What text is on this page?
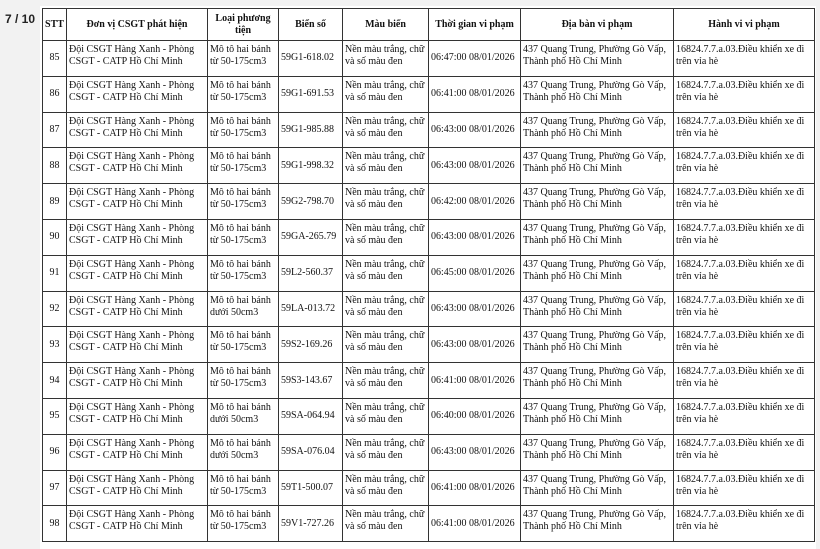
7 / 10	STT	Đơn vị CSGT phát hiện	Loại phương tiện	Biển số	Màu biển	Thời gian vi phạm	Địa bàn vi phạm	Hành vi vi phạm
85	Đội CSGT Hàng Xanh - Phòng CSGT - CATP Hồ Chí Minh	Mô tô hai bánh từ 50-175cm3	59G1-618.02	Nền màu trắng, chữ và số màu đen	06:47:00 08/01/2026	437 Quang Trung, Phường Gò Vấp, Thành phố Hồ Chí Minh	16824.7.7.a.03.Điều khiển xe đi trên vỉa hè
86	Đội CSGT Hàng Xanh - Phòng CSGT - CATP Hồ Chí Minh	Mô tô hai bánh từ 50-175cm3	59G1-691.53	Nền màu trắng, chữ và số màu đen	06:41:00 08/01/2026	437 Quang Trung, Phường Gò Vấp, Thành phố Hồ Chí Minh	16824.7.7.a.03.Điều khiển xe đi trên vỉa hè
87	Đội CSGT Hàng Xanh - Phòng CSGT - CATP Hồ Chí Minh	Mô tô hai bánh từ 50-175cm3	59G1-985.88	Nền màu trắng, chữ và số màu đen	06:43:00 08/01/2026	437 Quang Trung, Phường Gò Vấp, Thành phố Hồ Chí Minh	16824.7.7.a.03.Điều khiển xe đi trên vỉa hè
88	Đội CSGT Hàng Xanh - Phòng CSGT - CATP Hồ Chí Minh	Mô tô hai bánh từ 50-175cm3	59G1-998.32	Nền màu trắng, chữ và số màu đen	06:43:00 08/01/2026	437 Quang Trung, Phường Gò Vấp, Thành phố Hồ Chí Minh	16824.7.7.a.03.Điều khiển xe đi trên vỉa hè
89	Đội CSGT Hàng Xanh - Phòng CSGT - CATP Hồ Chí Minh	Mô tô hai bánh từ 50-175cm3	59G2-798.70	Nền màu trắng, chữ và số màu đen	06:42:00 08/01/2026	437 Quang Trung, Phường Gò Vấp, Thành phố Hồ Chí Minh	16824.7.7.a.03.Điều khiển xe đi trên vỉa hè
90	Đội CSGT Hàng Xanh - Phòng CSGT - CATP Hồ Chí Minh	Mô tô hai bánh từ 50-175cm3	59GA-265.79	Nền màu trắng, chữ và số màu đen	06:43:00 08/01/2026	437 Quang Trung, Phường Gò Vấp, Thành phố Hồ Chí Minh	16824.7.7.a.03.Điều khiển xe đi trên vỉa hè
91	Đội CSGT Hàng Xanh - Phòng CSGT - CATP Hồ Chí Minh	Mô tô hai bánh từ 50-175cm3	59L2-560.37	Nền màu trắng, chữ và số màu đen	06:45:00 08/01/2026	437 Quang Trung, Phường Gò Vấp, Thành phố Hồ Chí Minh	16824.7.7.a.03.Điều khiển xe đi trên vỉa hè
92	Đội CSGT Hàng Xanh - Phòng CSGT - CATP Hồ Chí Minh	Mô tô hai bánh dưới 50cm3	59LA-013.72	Nền màu trắng, chữ và số màu đen	06:43:00 08/01/2026	437 Quang Trung, Phường Gò Vấp, Thành phố Hồ Chí Minh	16824.7.7.a.03.Điều khiển xe đi trên vỉa hè
93	Đội CSGT Hàng Xanh - Phòng CSGT - CATP Hồ Chí Minh	Mô tô hai bánh từ 50-175cm3	59S2-169.26	Nền màu trắng, chữ và số màu đen	06:43:00 08/01/2026	437 Quang Trung, Phường Gò Vấp, Thành phố Hồ Chí Minh	16824.7.7.a.03.Điều khiển xe đi trên vỉa hè
94	Đội CSGT Hàng Xanh - Phòng CSGT - CATP Hồ Chí Minh	Mô tô hai bánh từ 50-175cm3	59S3-143.67	Nền màu trắng, chữ và số màu đen	06:41:00 08/01/2026	437 Quang Trung, Phường Gò Vấp, Thành phố Hồ Chí Minh	16824.7.7.a.03.Điều khiển xe đi trên vỉa hè
95	Đội CSGT Hàng Xanh - Phòng CSGT - CATP Hồ Chí Minh	Mô tô hai bánh dưới 50cm3	59SA-064.94	Nền màu trắng, chữ và số màu đen	06:40:00 08/01/2026	437 Quang Trung, Phường Gò Vấp, Thành phố Hồ Chí Minh	16824.7.7.a.03.Điều khiển xe đi trên vỉa hè
96	Đội CSGT Hàng Xanh - Phòng CSGT - CATP Hồ Chí Minh	Mô tô hai bánh dưới 50cm3	59SA-076.04	Nền màu trắng, chữ và số màu đen	06:43:00 08/01/2026	437 Quang Trung, Phường Gò Vấp, Thành phố Hồ Chí Minh	16824.7.7.a.03.Điều khiển xe đi trên vỉa hè
97	Đội CSGT Hàng Xanh - Phòng CSGT - CATP Hồ Chí Minh	Mô tô hai bánh từ 50-175cm3	59T1-500.07	Nền màu trắng, chữ và số màu đen	06:41:00 08/01/2026	437 Quang Trung, Phường Gò Vấp, Thành phố Hồ Chí Minh	16824.7.7.a.03.Điều khiển xe đi trên vỉa hè
98	Đội CSGT Hàng Xanh - Phòng CSGT - CATP Hồ Chí Minh	Mô tô hai bánh từ 50-175cm3	59V1-727.26	Nền màu trắng, chữ và số màu đen	06:41:00 08/01/2026	437 Quang Trung, Phường Gò Vấp, Thành phố Hồ Chí Minh	16824.7.7.a.03.Điều khiển xe đi trên vỉa hè
